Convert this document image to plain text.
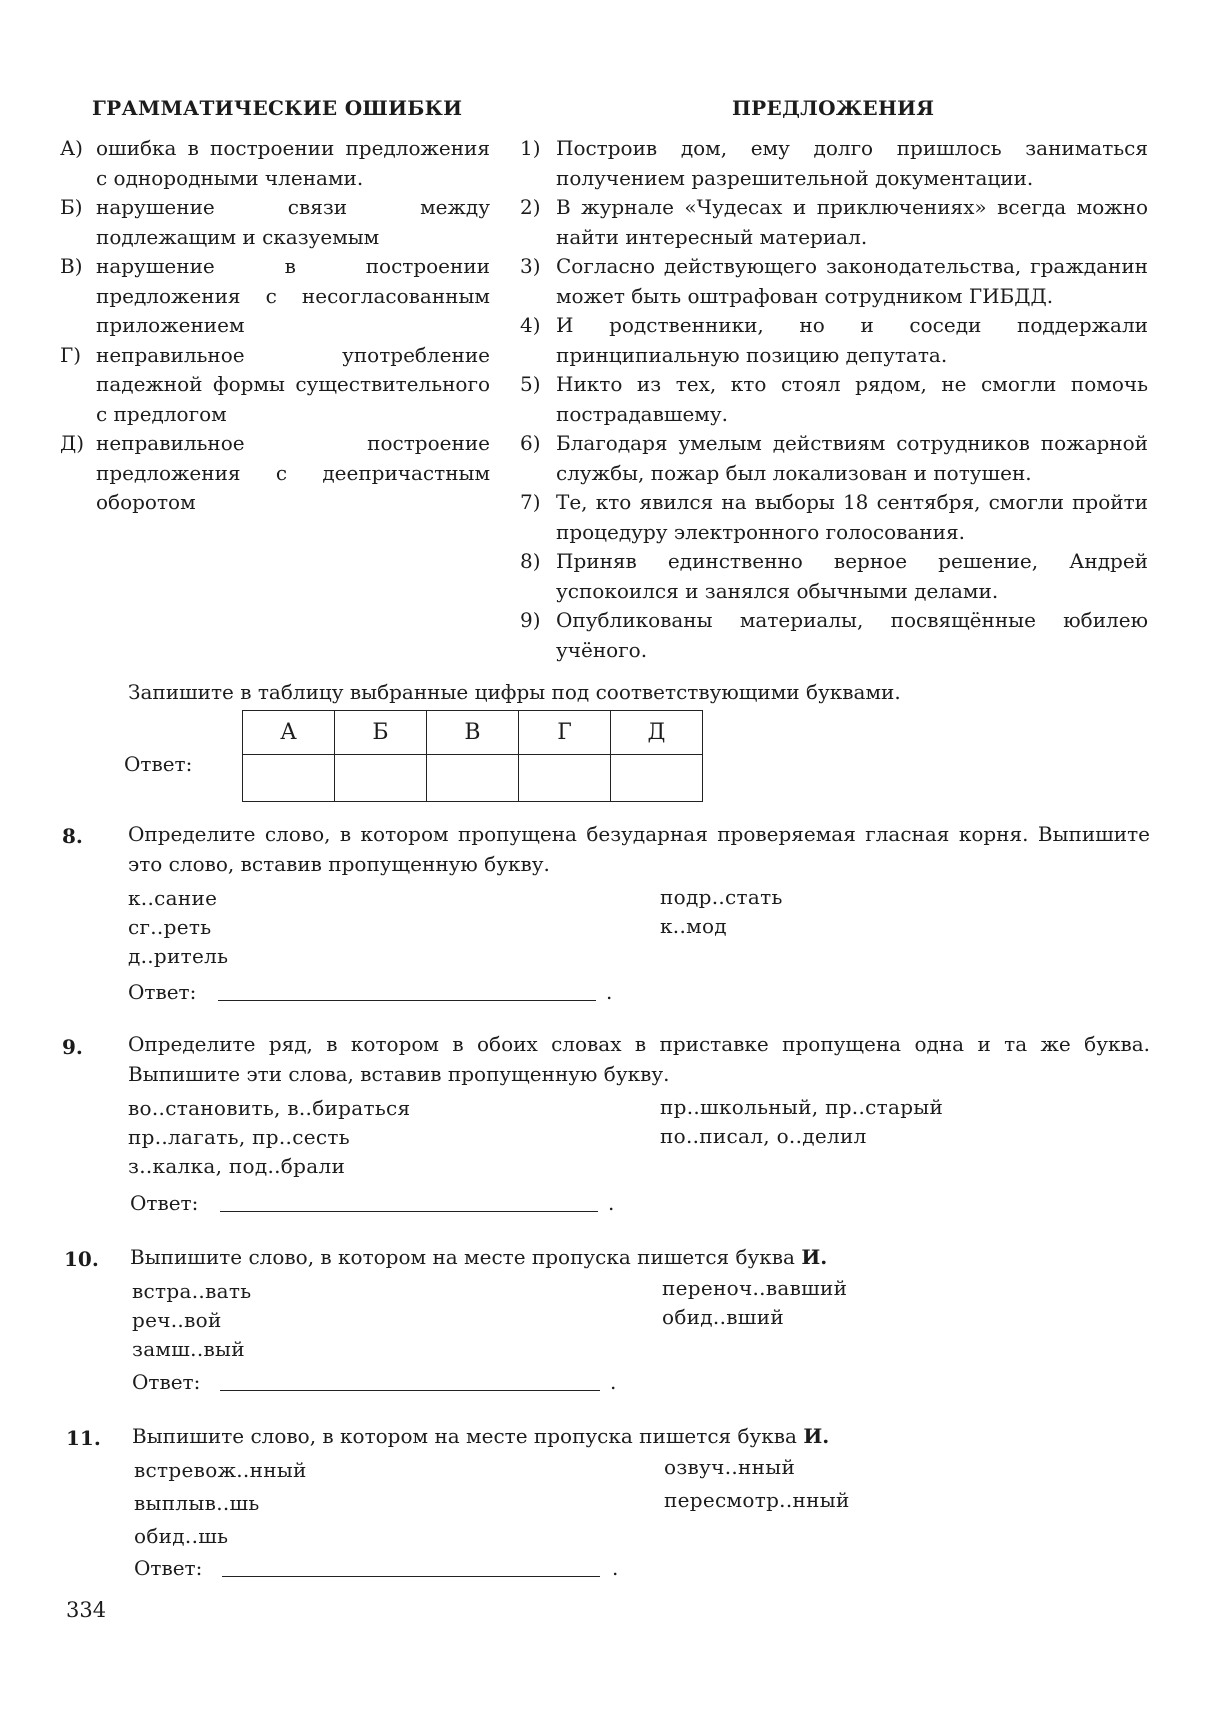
ГРАММАТИЧЕСКИЕ ОШИБКИ	ПРЕДЛОЖЕНИЯ
А) ошибка в построении предложения с однородными членами.
Б) нарушение связи между подлежащим и сказуемым
В) нарушение в построении предложения с несогласованным приложением
Г) неправильное употребление падежной формы существительного с предлогом
Д) неправильное построение предложения с деепричастным оборотом
1) Построив дом, ему долго пришлось заниматься получением разрешительной документации.
2) В журнале «Чудесах и приключениях» всегда можно найти интересный материал.
3) Согласно действующего законодательства, гражданин может быть оштрафован сотрудником ГИБДД.
4) И родственники, но и соседи поддержали принципиальную позицию депутата.
5) Никто из тех, кто стоял рядом, не смогли помочь пострадавшему.
6) Благодаря умелым действиям сотрудников пожарной службы, пожар был локализован и потушен.
7) Те, кто явился на выборы 18 сентября, смогли пройти процедуру электронного голосования.
8) Приняв единственно верное решение, Андрей успокоился и занялся обычными делами.
9) Опубликованы материалы, посвящённые юбилею учёного.
Запишите в таблицу выбранные цифры под соответствующими буквами.
Ответ:
А	Б	В	Г	Д

8. Определите слово, в котором пропущена безударная проверяемая гласная корня. Выпишите это слово, вставив пропущенную букву.
к..сание
сг..реть
д..ритель
подр..стать
к..мод
Ответ:	.
9. Определите ряд, в котором в обоих словах в приставке пропущена одна и та же буква. Выпишите эти слова, вставив пропущенную букву.
во..становить, в..бираться
пр..лагать, пр..сесть
з..калка, под..брали
пр..школьный, пр..старый
по..писал, о..делил
Ответ:	.
10. Выпишите слово, в котором на месте пропуска пишется буква И.
встра..вать
реч..вой
замш..вый
переноч..вавший
обид..вший
Ответ:	.
11. Выпишите слово, в котором на месте пропуска пишется буква И.
встревож..нный
выплыв..шь
обид..шь
озвуч..нный
пересмотр..нный
Ответ:	.
334
